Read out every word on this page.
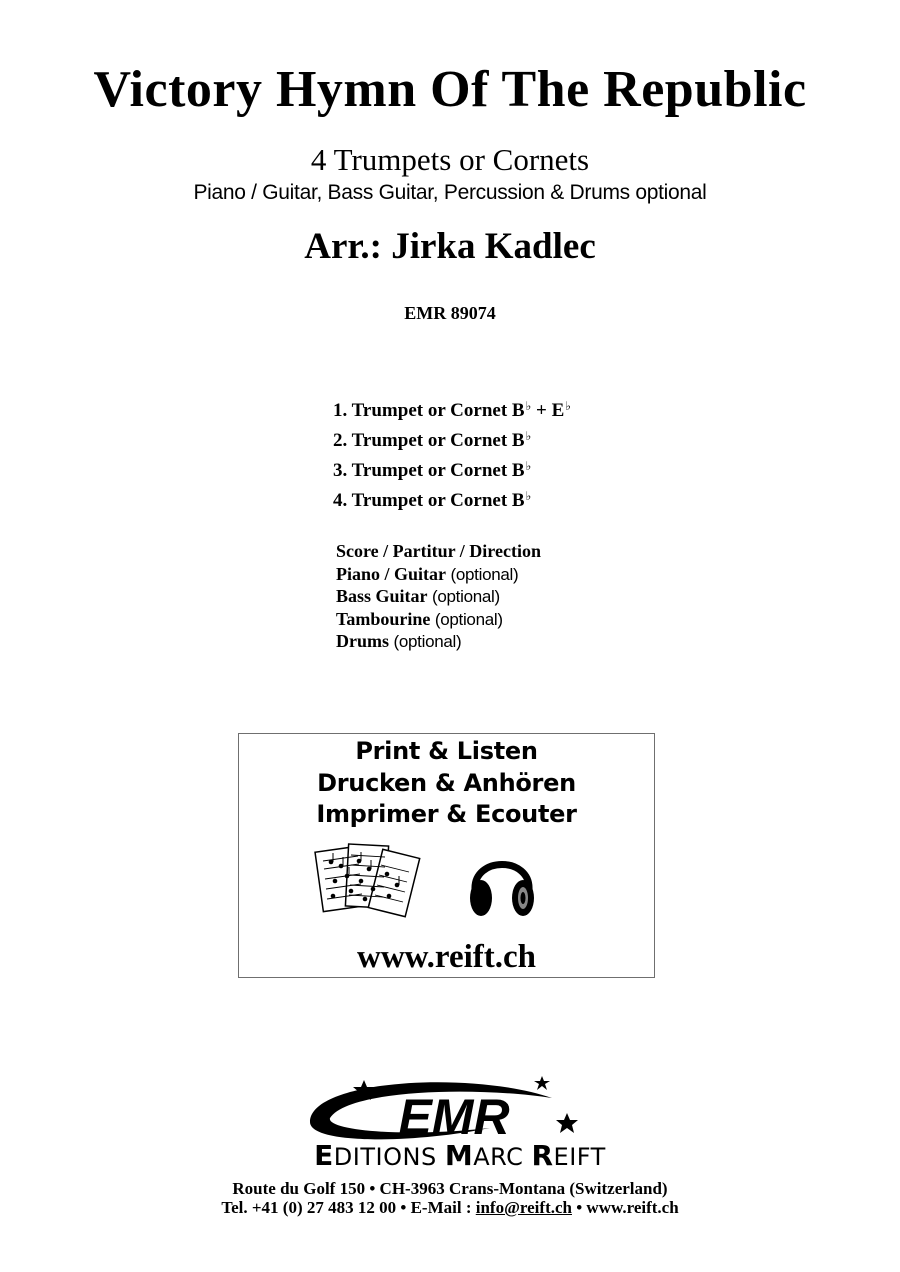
Victory Hymn Of The Republic
4 Trumpets or Cornets
Piano / Guitar, Bass Guitar, Percussion & Drums optional
Arr.: Jirka Kadlec
EMR 89074
1. Trumpet or Cornet B♭ + E♭
2. Trumpet or Cornet B♭
3. Trumpet or Cornet B♭
4. Trumpet or Cornet B♭
Score / Partitur / Direction
Piano / Guitar (optional)
Bass Guitar (optional)
Tambourine (optional)
Drums (optional)
Print & Listen
Drucken & Anhören
Imprimer & Ecouter
www.reift.ch
EMR
EDITIONS MARC REIFT
Route du Golf 150 • CH-3963 Crans-Montana (Switzerland)
Tel. +41 (0) 27 483 12 00 • E-Mail : info@reift.ch • www.reift.ch
